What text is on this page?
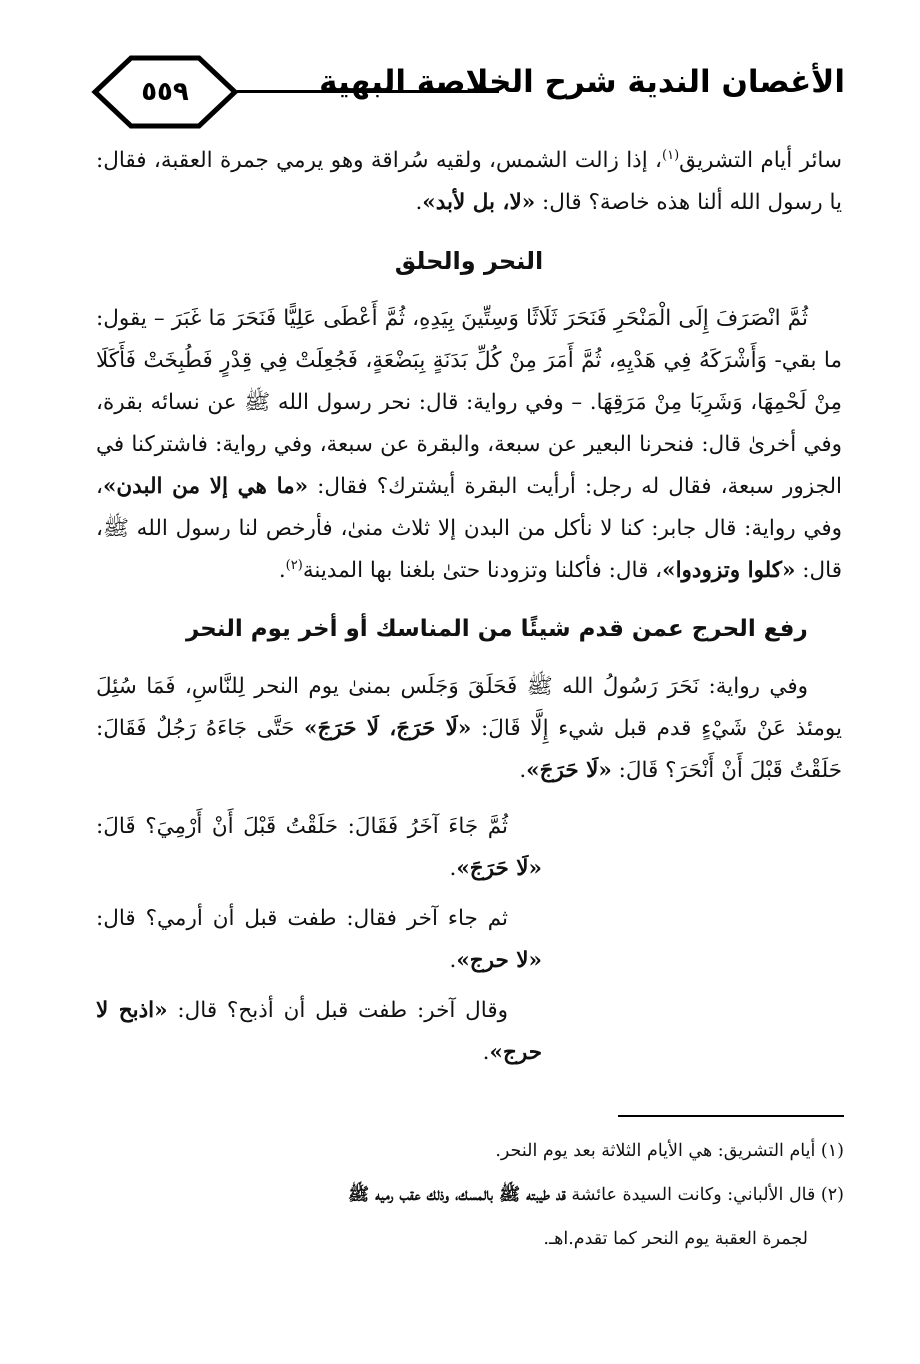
٥٥٩	الأغصان الندية شرح الخلاصة البهية

سائر أيام التشريق$^{(١)}$، إذا زالت الشمس، ولقيه سُراقة وهو يرمي جمرة العقبة، فقال: يا رسول الله ألنا هذه خاصة؟ قال: «لا، بل لأبد».

النحر والحلق

ثُمَّ انْصَرَفَ إِلَى الْمَنْحَرِ فَنَحَرَ ثَلَاثًا وَسِتِّينَ بِيَدِهِ، ثُمَّ أَعْطَى عَلِيًّا فَنَحَرَ مَا غَبَرَ – يقول: ما بقي- وَأَشْرَكَهُ فِي هَدْيِهِ، ثُمَّ أَمَرَ مِنْ كُلِّ بَدَنَةٍ بِبَضْعَةٍ، فَجُعِلَتْ فِي قِدْرٍ فَطُبِخَتْ فَأَكَلَا مِنْ لَحْمِهَا، وَشَرِبَا مِنْ مَرَقِهَا. – وفي رواية: قال: نحر رسول الله ﷺ عن نسائه بقرة، وفي أخرىٰ قال: فنحرنا البعير عن سبعة، والبقرة عن سبعة، وفي رواية: فاشتركنا في الجزور سبعة، فقال له رجل: أرأيت البقرة أيشترك؟ فقال: «ما هي إلا من البدن»، وفي رواية: قال جابر: كنا لا نأكل من البدن إلا ثلاث منىٰ، فأرخص لنا رسول الله ﷺ، قال: «كلوا وتزودوا»، قال: فأكلنا وتزودنا حتىٰ بلغنا بها المدينة$^{(٢)}$.

رفع الحرج عمن قدم شيئًا من المناسك أو أخر يوم النحر

وفي رواية: نَحَرَ رَسُولُ الله ﷺ فَحَلَقَ وَجَلَس بمنىٰ يوم النحر لِلنَّاسِ، فَمَا سُئِلَ يومئذ عَنْ شَيْءٍ قدم قبل شيء إِلَّا قَالَ: «لَا حَرَجَ، لَا حَرَجَ» حَتَّى جَاءَهُ رَجُلٌ فَقَالَ: حَلَقْتُ قَبْلَ أَنْ أَنْحَرَ؟ قَالَ: «لَا حَرَجَ».

ثُمَّ جَاءَ آخَرُ فَقَالَ: حَلَقْتُ قَبْلَ أَنْ أَرْمِيَ؟ قَالَ: «لَا حَرَجَ».

ثم جاء آخر فقال: طفت قبل أن أرمي؟ قال: «لا حرج».

وقال آخر: طفت قبل أن أذبح؟ قال: «اذبح لا حرج».

(١) أيام التشريق: هي الأيام الثلاثة بعد يوم النحر.

(٢) قال الألباني: وكانت السيدة عائشة قد طيبته ﷺ بالمسك، وذلك عقب رميه ﷺ

لجمرة العقبة يوم النحر كما تقدم.اهـ.
